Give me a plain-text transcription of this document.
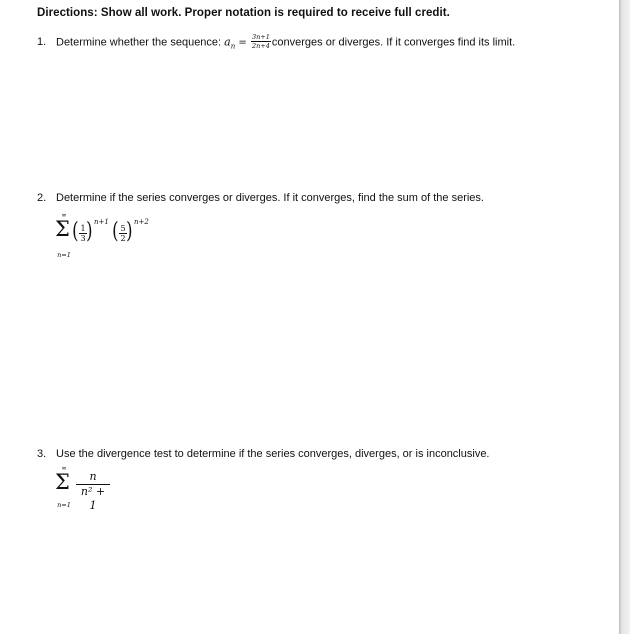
Directions: Show all work. Proper notation is required to receive full credit.
1. Determine whether the sequence: $a_n = \frac{3n+1}{2n+4}$ converges or diverges. If it converges find its limit.
2. Determine if the series converges or diverges. If it converges, find the sum of the series.
∞
Σ
n=1
( $\frac{1}{3}$ ) n+1 ( $\frac{5}{2}$ ) n+2
3. Use the divergence test to determine if the series converges, diverges, or is inconclusive.
∞
Σ
$n=1 \frac{n}{\text{n² + 1}}$
